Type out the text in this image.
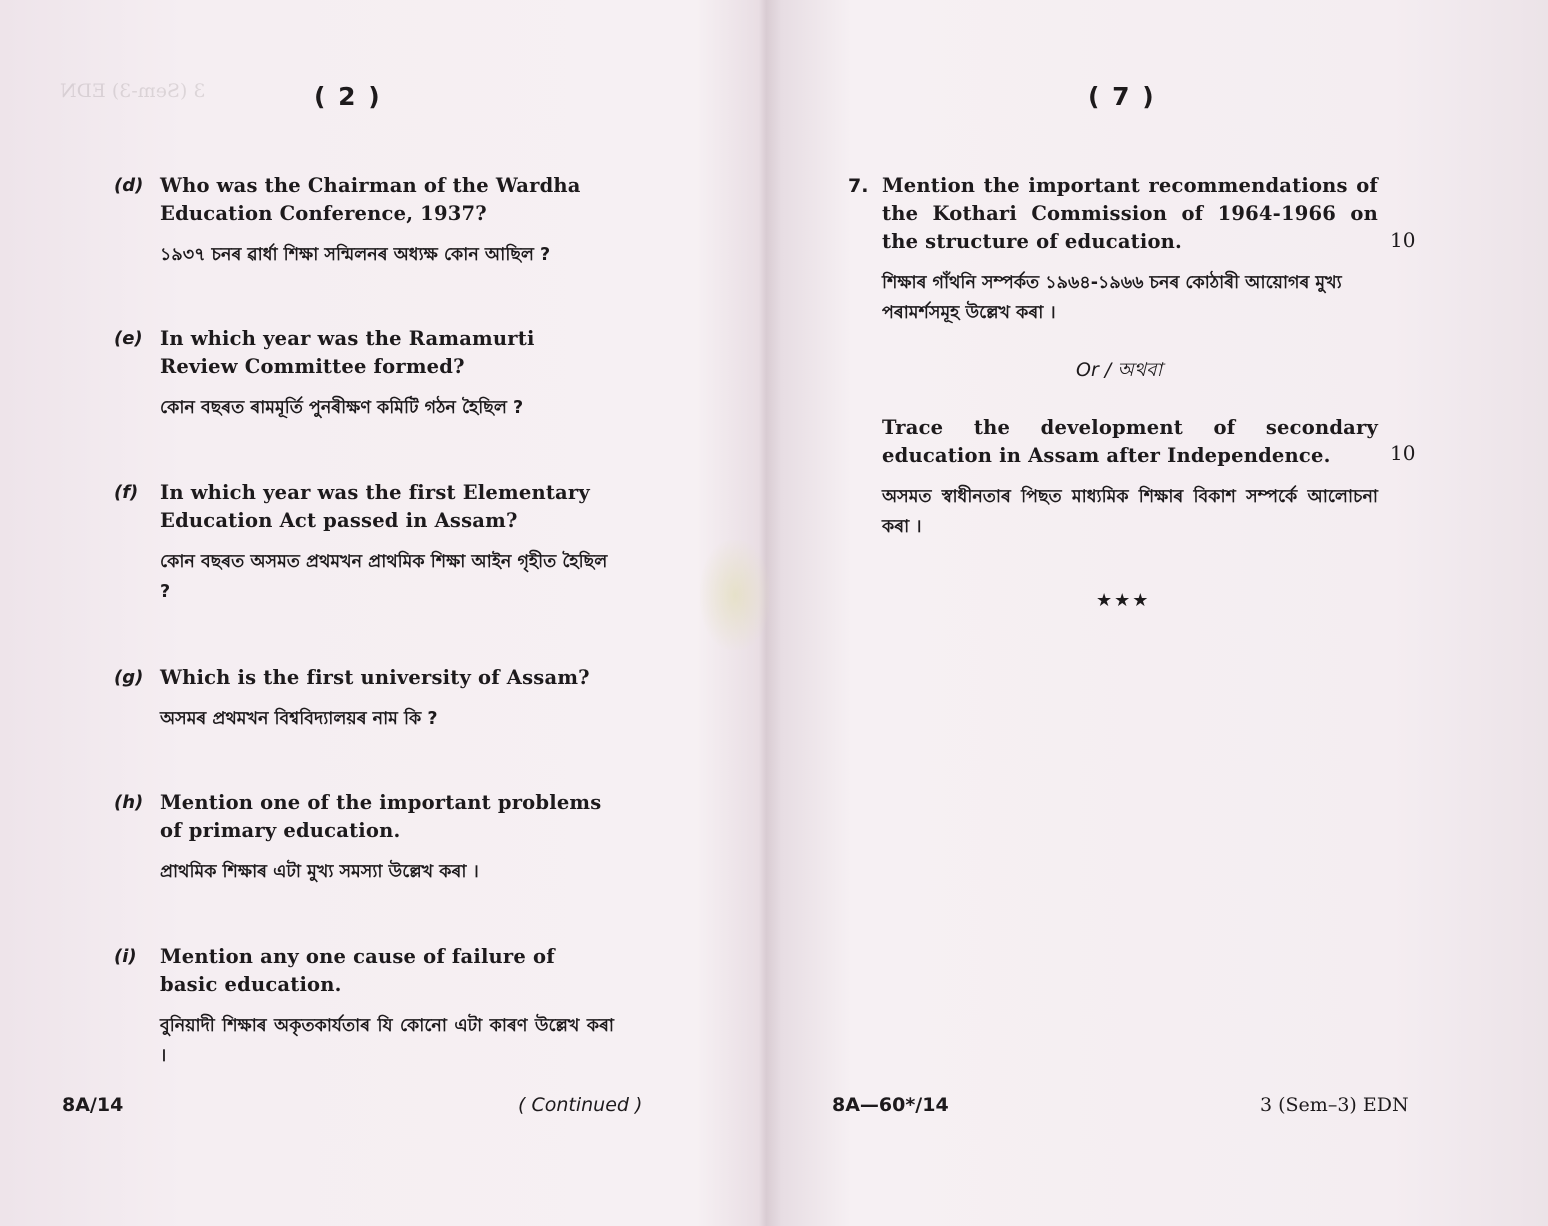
3 (Sem-3) EDN	( 2 )
(d) Who was the Chairman of the Wardha Education Conference, 1937?
১৯৩৭ চনৰ ৱাৰ্ধা শিক্ষা সন্মিলনৰ অধ্যক্ষ কোন আছিল ?
(e) In which year was the Ramamurti Review Committee formed?
কোন বছৰত ৰামমূৰ্তি পুনৰীক্ষণ কমিটি গঠন হৈছিল ?
(f) In which year was the first Elementary Education Act passed in Assam?
কোন বছৰত অসমত প্ৰথমখন প্ৰাথমিক শিক্ষা আইন গৃহীত হৈছিল ?
(g) Which is the first university of Assam?
অসমৰ প্ৰথমখন বিশ্ববিদ্যালয়ৰ নাম কি ?
(h) Mention one of the important problems of primary education.
প্ৰাথমিক শিক্ষাৰ এটা মুখ্য সমস্যা উল্লেখ কৰা ।
(i) Mention any one cause of failure of basic education.
বুনিয়াদী শিক্ষাৰ অকৃতকাৰ্যতাৰ যি কোনো এটা কাৰণ উল্লেখ কৰা ।
8A/14	( Continued )
( 7 )
7. Mention the important recommendations of the Kothari Commission of 1964-1966 on the structure of education.
শিক্ষাৰ গাঁথনি সম্পৰ্কত ১৯৬৪-১৯৬৬ চনৰ কোঠাৰী আয়োগৰ মুখ্য পৰামৰ্শসমূহ উল্লেখ কৰা ।
10
Or / অথবা
Trace the development of secondary education in Assam after Independence.
অসমত স্বাধীনতাৰ পিছত মাধ্যমিক শিক্ষাৰ বিকাশ সম্পৰ্কে আলোচনা কৰা ।
10
★★★
8A—60*/14	3 (Sem–3) EDN
